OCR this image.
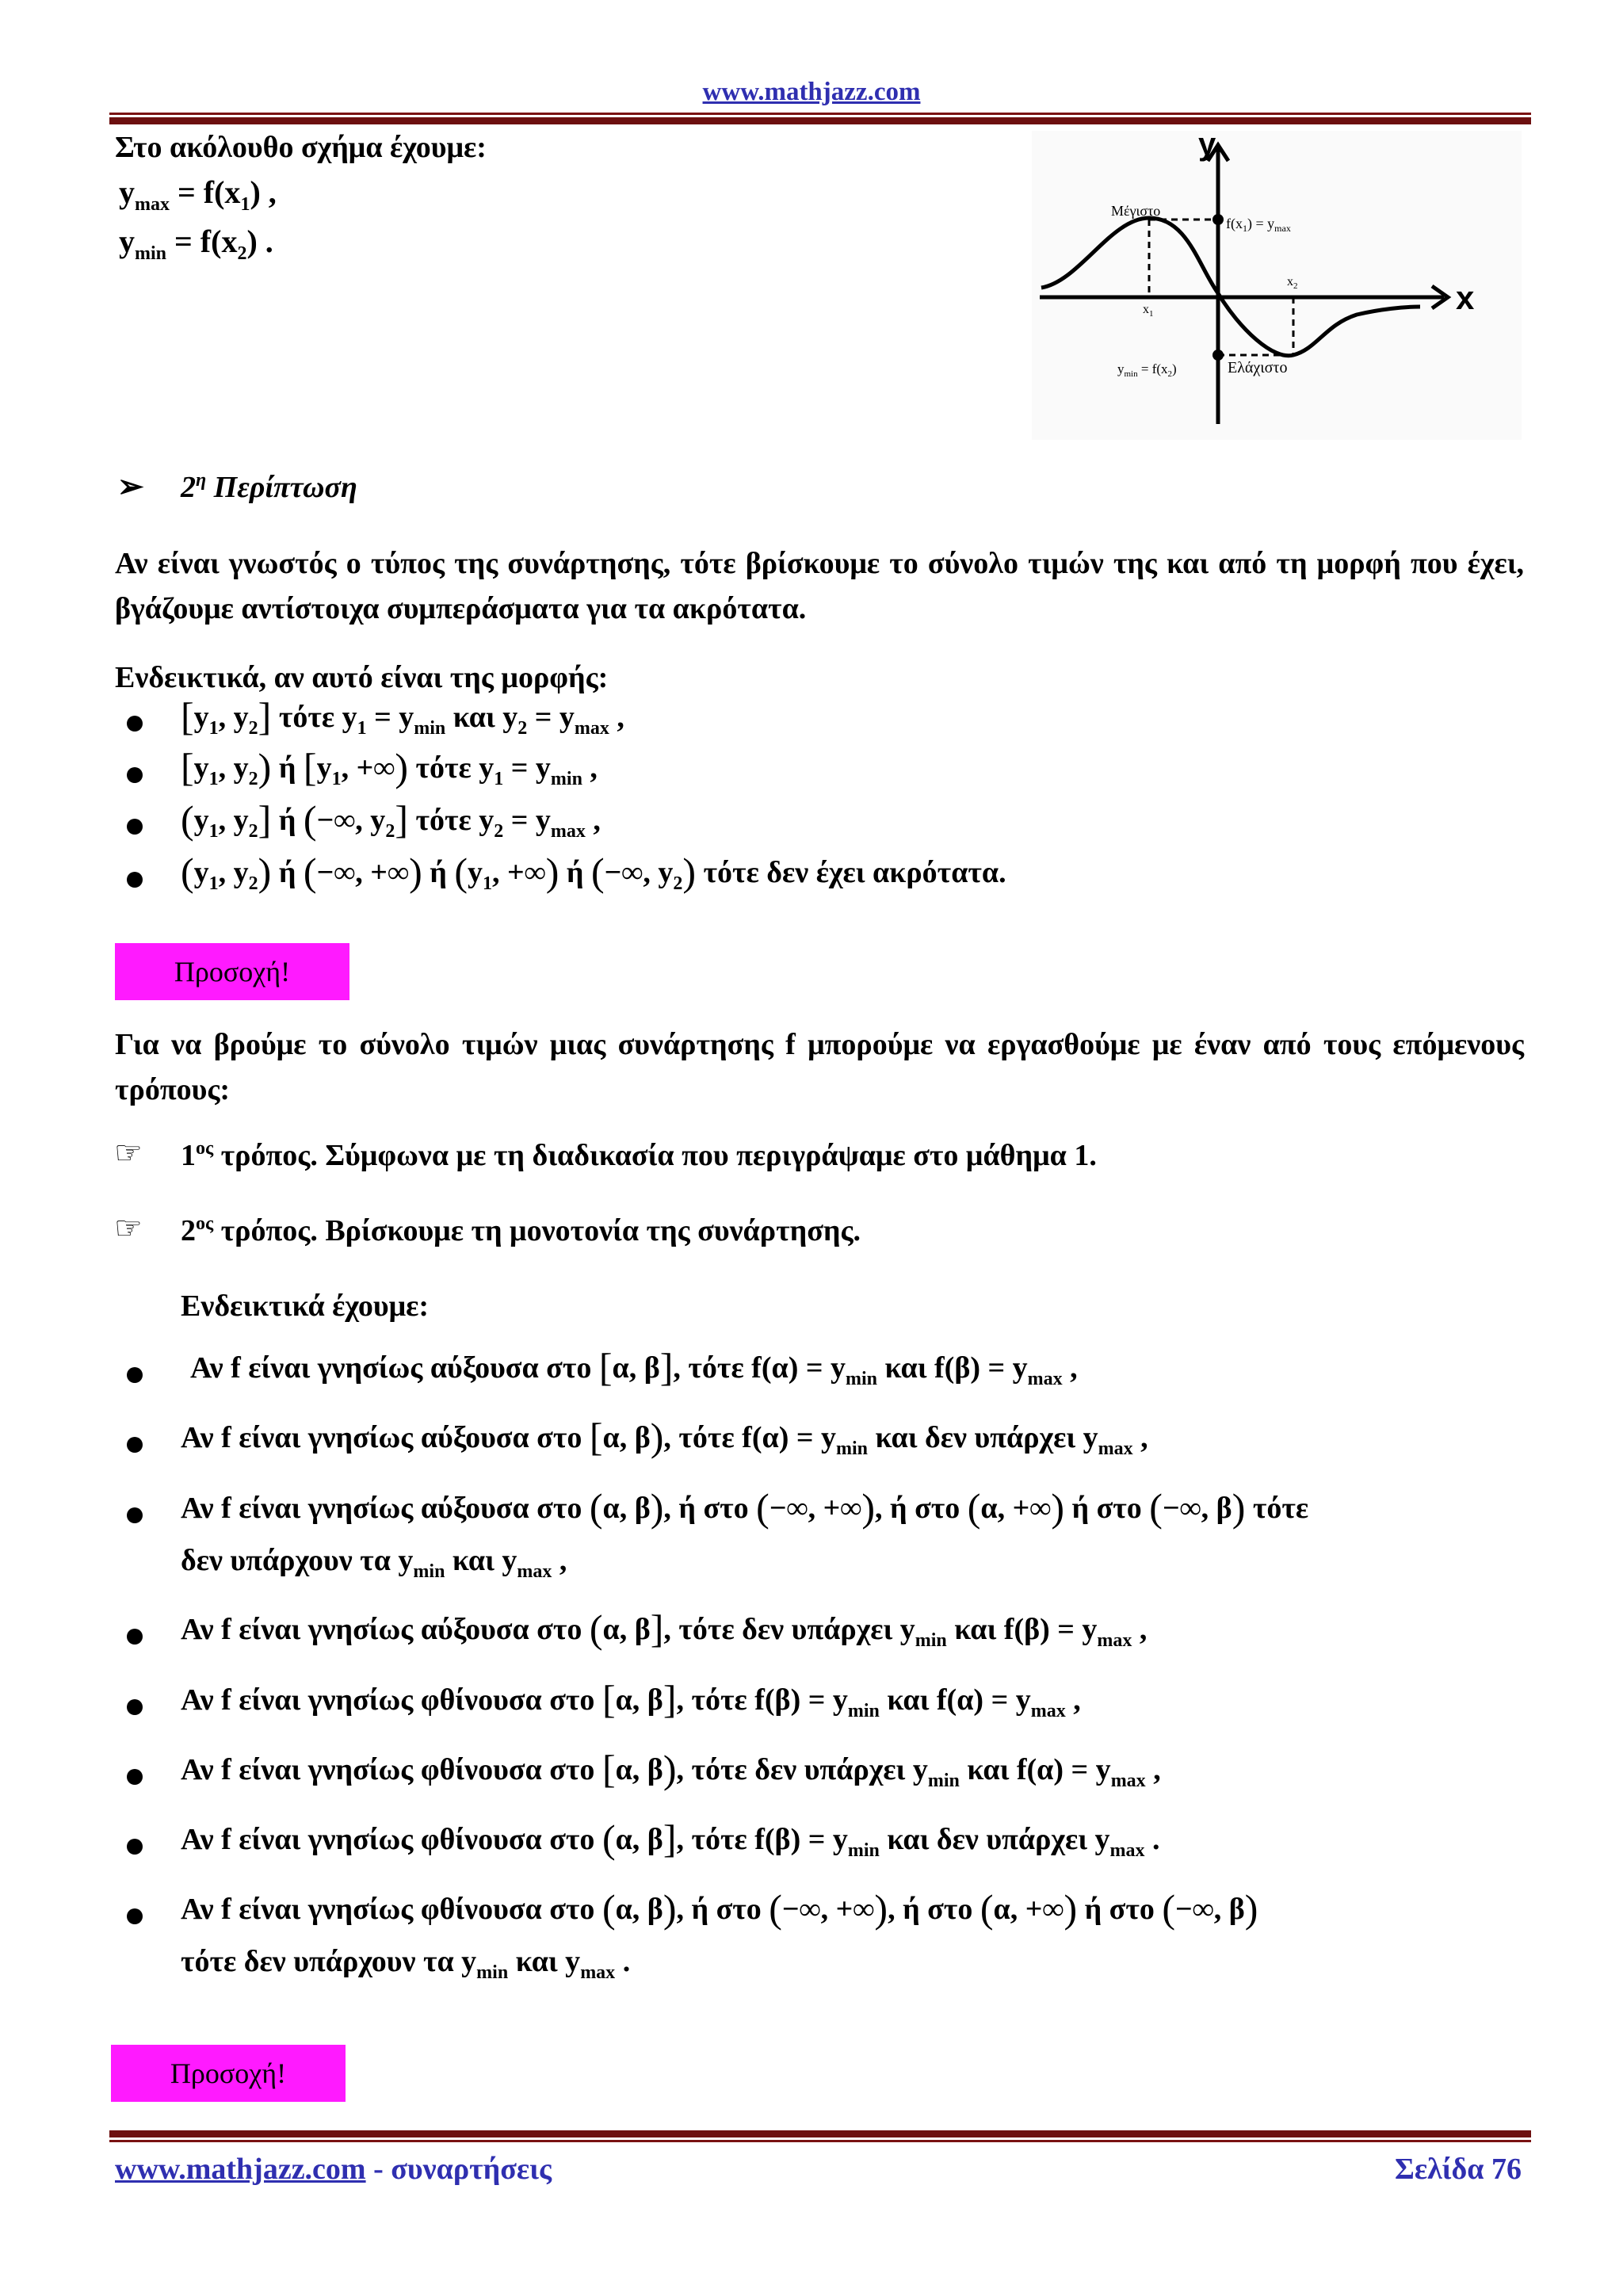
www.mathjazz.com
Στο ακόλουθο σχήμα έχουμε:
$y_{max} = f(x_1)$ ,
$y_{min} = f(x_2)$ .
x
y
Μέγιστο
$f(x_1) = y_{max}$
$x_1$
$x_2$
$y_{min} = f(x_2)$	Ελάχιστο
➢ $2^\eta$ Περίπτωση
Αν είναι γνωστός ο τύπος της συνάρτησης, τότε βρίσκουμε το σύνολο τιμών της και από τη μορφή που έχει, βγάζουμε αντίστοιχα συμπεράσματα για τα ακρότατα.
Ενδεικτικά, αν αυτό είναι της μορφής:
[$y_1$, $y_2$] τότε $y_1 = y_{min}$ και $y_2 = y_{max}$ ,
[$y_1$, $y_2$) ή [$y_1$, +∞) τότε $y_1 = y_{min}$ ,
($y_1$, $y_2$] ή (−∞, $y_2$] τότε $y_2 = y_{max}$ ,
($y_1$, $y_2$) ή (−∞, +∞) ή ($y_1$, +∞) ή (−∞, $y_2$) τότε δεν έχει ακρότατα.
Προσοχή!
Για να βρούμε το σύνολο τιμών μιας συνάρτησης f μπορούμε να εργασθούμε με έναν από τους επόμενους τρόπους:
☞ $1^{o\varsigma}$ τρόπος. Σύμφωνα με τη διαδικασία που περιγράψαμε στο μάθημα 1.
☞ $2^{o\varsigma}$ τρόπος. Βρίσκουμε τη μονοτονία της συνάρτησης.
Ενδεικτικά έχουμε:
Αν f είναι γνησίως αύξουσα στο [α, β], τότε $f(\alpha) = y_{min}$ και $f(\beta) = y_{max}$ ,
Αν f είναι γνησίως αύξουσα στο [α, β), τότε $f(\alpha) = y_{min}$ και δεν υπάρχει $y_{max}$ ,
Αν f είναι γνησίως αύξουσα στο (α, β), ή στο (−∞, +∞), ή στο (α, +∞) ή στο (−∞, β) τότε
δεν υπάρχουν τα $y_{min}$ και $y_{max}$ ,
Αν f είναι γνησίως αύξουσα στο (α, β], τότε δεν υπάρχει $y_{min}$ και $f(\beta) = y_{max}$ ,
Αν f είναι γνησίως φθίνουσα στο [α, β], τότε $f(\beta) = y_{min}$ και $f(\alpha) = y_{max}$ ,
Αν f είναι γνησίως φθίνουσα στο [α, β), τότε δεν υπάρχει $y_{min}$ και $f(\alpha) = y_{max}$ ,
Αν f είναι γνησίως φθίνουσα στο (α, β], τότε $f(\beta) = y_{min}$ και δεν υπάρχει $y_{max}$ .
Αν f είναι γνησίως φθίνουσα στο (α, β), ή στο (−∞, +∞), ή στο (α, +∞) ή στο (−∞, β)
τότε δεν υπάρχουν τα $y_{min}$ και $y_{max}$ .
Προσοχή!
www.mathjazz.com - συναρτήσεις	Σελίδα 76
